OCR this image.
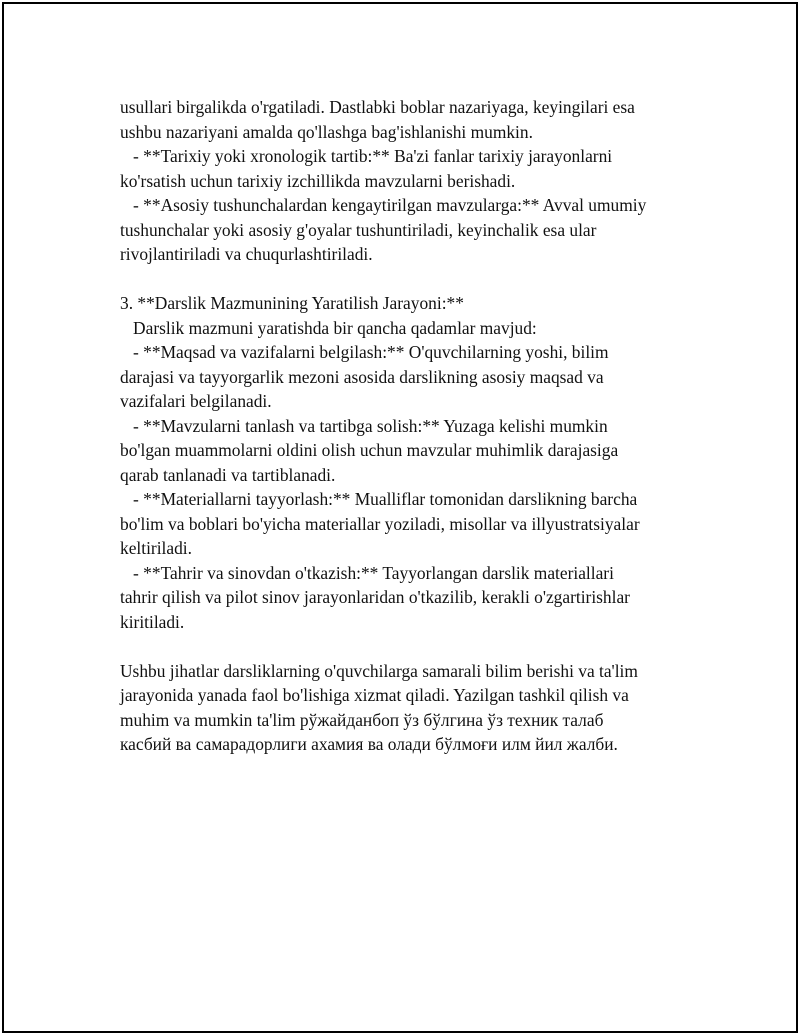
usullari birgalikda o'rgatiladi. Dastlabki boblar nazariyaga, keyingilari esa
ushbu nazariyani amalda qo'llashga bag'ishlanishi mumkin.
- **Tarixiy yoki xronologik tartib:** Ba'zi fanlar tarixiy jarayonlarni
ko'rsatish uchun tarixiy izchillikda mavzularni berishadi.
- **Asosiy tushunchalardan kengaytirilgan mavzularga:** Avval umumiy
tushunchalar yoki asosiy g'oyalar tushuntiriladi, keyinchalik esa ular
rivojlantiriladi va chuqurlashtiriladi.
3. **Darslik Mazmunining Yaratilish Jarayoni:**
Darslik mazmuni yaratishda bir qancha qadamlar mavjud:
- **Maqsad va vazifalarni belgilash:** O'quvchilarning yoshi, bilim
darajasi va tayyorgarlik mezoni asosida darslikning asosiy maqsad va
vazifalari belgilanadi.
- **Mavzularni tanlash va tartibga solish:** Yuzaga kelishi mumkin
bo'lgan muammolarni oldini olish uchun mavzular muhimlik darajasiga
qarab tanlanadi va tartiblanadi.
- **Materiallarni tayyorlash:** Mualliflar tomonidan darslikning barcha
bo'lim va boblari bo'yicha materiallar yoziladi, misollar va illyustratsiyalar
keltiriladi.
- **Tahrir va sinovdan o'tkazish:** Tayyorlangan darslik materiallari
tahrir qilish va pilot sinov jarayonlaridan o'tkazilib, kerakli o'zgartirishlar
kiritiladi.
Ushbu jihatlar darsliklarning o'quvchilarga samarali bilim berishi va ta'lim
jarayonida yanada faol bo'lishiga xizmat qiladi. Yazilgan tashkil qilish va
muhim va mumkin ta'lim рўжайданбоп ўз бўлгина ўз техник талаб
касбий ва самарадорлиги ахамия ва олади бўлмоғи илм йил жалби.
